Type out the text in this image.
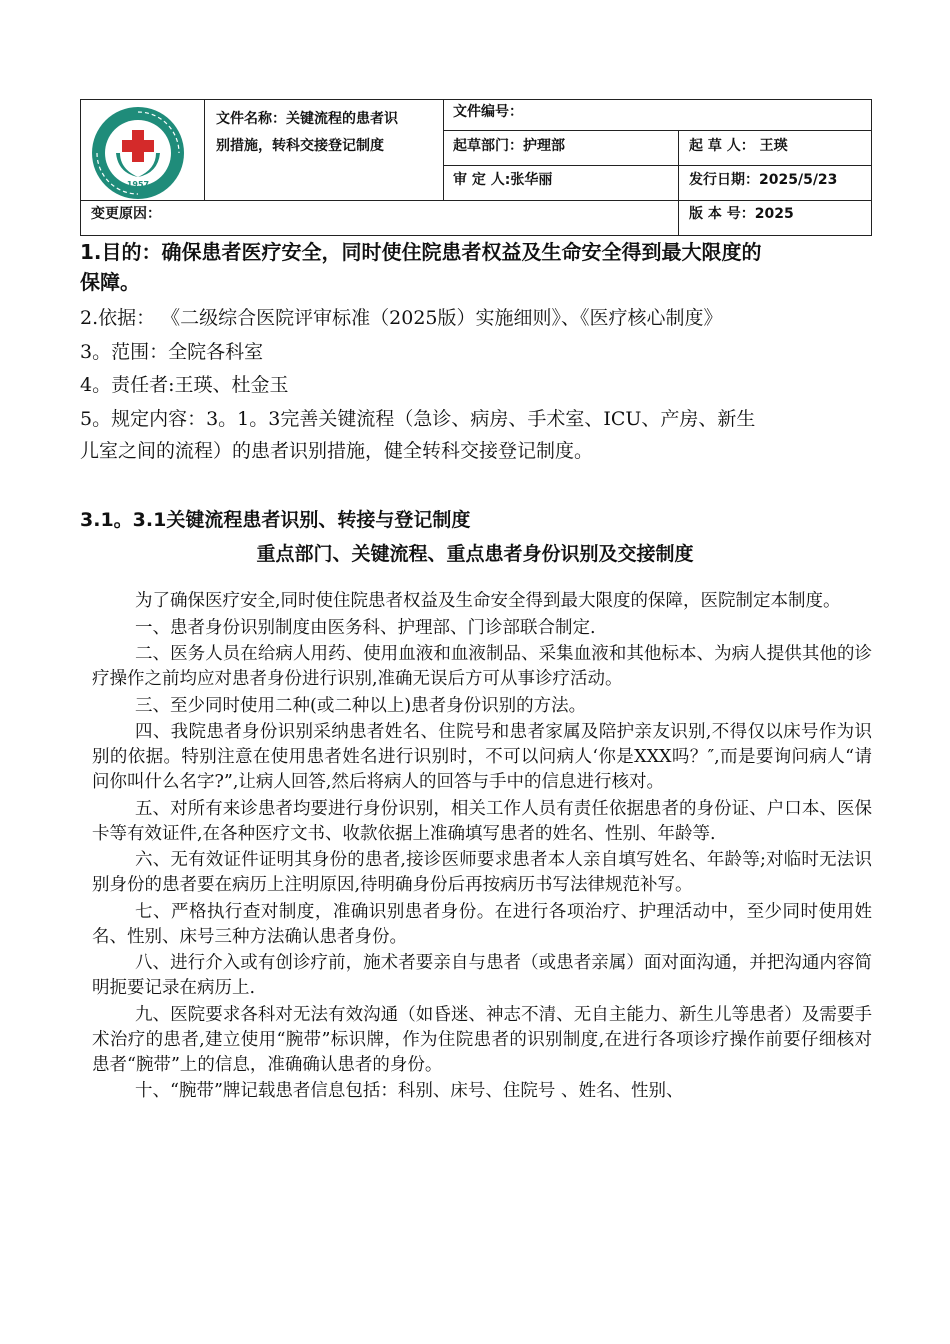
1957
文件名称：关键流程的患者识
别措施，转科交接登记制度
文件编号：
起草部门：护理部	起 草 人： 王瑛
审 定 人:张华丽	发行日期：2025/5/23
变更原因：	版 本 号：2025
1.目的：确保患者医疗安全，同时使住院患者权益及生命安全得到最大限度的
保障。
2.依据： 《二级综合医院评审标准（2025版）实施细则》、《医疗核心制度》
3。范围：全院各科室
4。责任者:王瑛、杜金玉
5。规定内容：3。1。3完善关键流程（急诊、病房、手术室、ICU、产房、新生
儿室之间的流程）的患者识别措施，健全转科交接登记制度。
3.1。3.1关键流程患者识别、转接与登记制度
重点部门、关键流程、重点患者身份识别及交接制度

为了确保医疗安全,同时使住院患者权益及生命安全得到最大限度的保障，医院制定本制度。

一、患者身份识别制度由医务科、护理部、门诊部联合制定.

二、医务人员在给病人用药、使用血液和血液制品、采集血液和其他标本、为病人提供其他的诊疗操作之前均应对患者身份进行识别,准确无误后方可从事诊疗活动。

三、至少同时使用二种(或二种以上)患者身份识别的方法。

四、我院患者身份识别采纳患者姓名、住院号和患者家属及陪护亲友识别,不得仅以床号作为识别的依据。特别注意在使用患者姓名进行识别时，不可以问病人‘你是XXX吗？″,而是要询问病人“请问你叫什么名字?”,让病人回答,然后将病人的回答与手中的信息进行核对。

五、对所有来诊患者均要进行身份识别，相关工作人员有责任依据患者的身份证、户口本、医保卡等有效证件,在各种医疗文书、收款依据上准确填写患者的姓名、性别、年龄等.

六、无有效证件证明其身份的患者,接诊医师要求患者本人亲自填写姓名、年龄等;对临时无法识别身份的患者要在病历上注明原因,待明确身份后再按病历书写法律规范补写。

七、严格执行查对制度，准确识别患者身份。在进行各项治疗、护理活动中，至少同时使用姓名、性别、床号三种方法确认患者身份。

八、进行介入或有创诊疗前，施术者要亲自与患者（或患者亲属）面对面沟通，并把沟通内容简明扼要记录在病历上.

九、医院要求各科对无法有效沟通（如昏迷、神志不清、无自主能力、新生儿等患者）及需要手术治疗的患者,建立使用“腕带”标识牌，作为住院患者的识别制度,在进行各项诊疗操作前要仔细核对患者“腕带”上的信息，准确确认患者的身份。

十、“腕带”牌记载患者信息包括：科别、床号、住院号 、姓名、性别、
